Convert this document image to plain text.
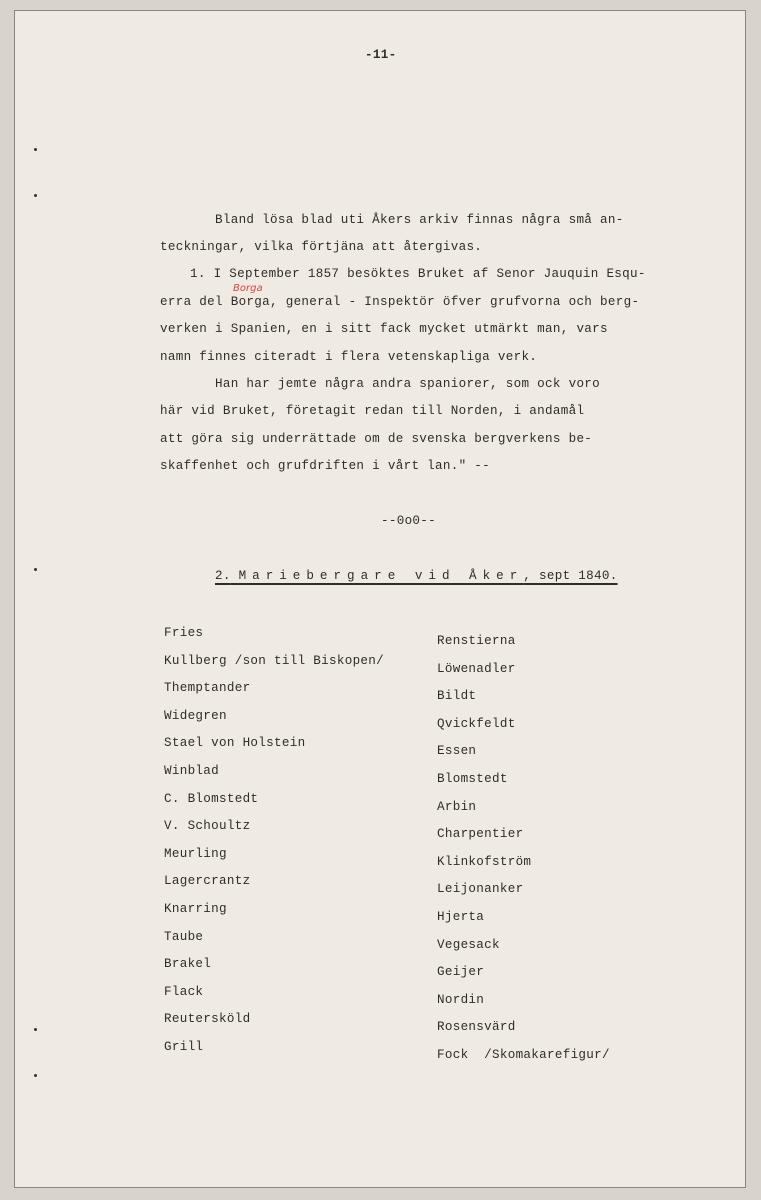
-11-
Bland lösa blad uti Åkers arkiv finnas några små an-
teckningar, vilka förtjäna att återgivas.
1. I September 1857 besöktes Bruket af Senor Jauquin Esqu-
erra del Borga, general - Inspektör öfver grufvorna och berg-
Borga
verken i Spanien, en i sitt fack mycket utmärkt man, vars
namn finnes citeradt i flera vetenskapliga verk.
Han har jemte några andra spaniorer, som ock voro
här vid Bruket, företagit redan till Norden, i andamål
att göra sig underrättade om de svenska bergverkens be-
skaffenhet och grufdriften i vårt lan." --
--0o0--
2. Mariebergare vid Åker, sept 1840.
Fries
Kullberg /son till Biskopen/
Themptander
Widegren
Stael von Holstein
Winblad
C. Blomstedt
V. Schoultz
Meurling
Lagercrantz
Knarring
Taube
Brakel
Flack
Reutersköld
Grill
Renstierna
Löwenadler
Bildt
Qvickfeldt
Essen
Blomstedt
Arbin
Charpentier
Klinkofström
Leijonanker
Hjerta
Vegesack
Geijer
Nordin
Rosensvärd
Fock  /Skomakarefigur/
